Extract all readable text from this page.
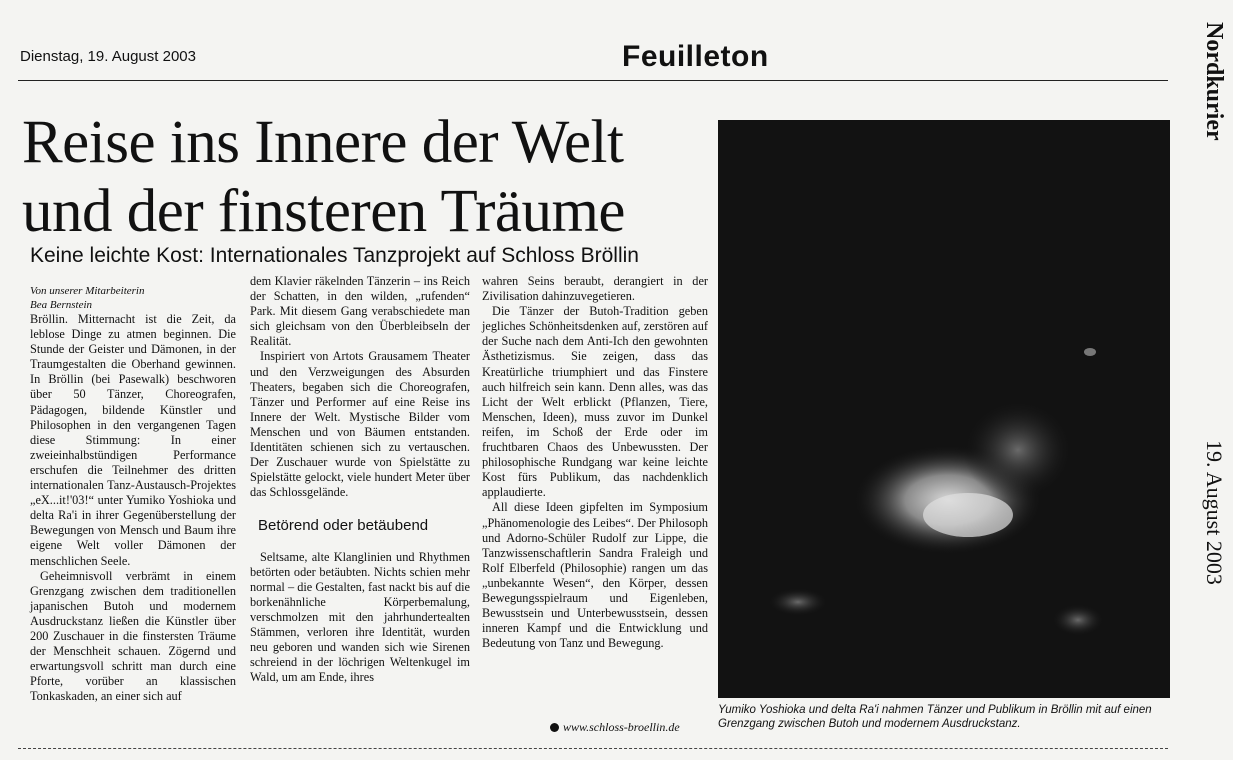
Dienstag, 19. August 2003	Feuilleton	Nordkurier
19. August 2003
Reise ins Innere der Welt und der finsteren Träume
Keine leichte Kost: Internationales Tanzprojekt auf Schloss Bröllin

Von unserer Mitarbeiterin
Bea Bernstein

Bröllin. Mitternacht ist die Zeit, da leblose Dinge zu atmen beginnen. Die Stunde der Geister und Dämonen, in der Traumgestalten die Oberhand gewinnen. In Bröllin (bei Pasewalk) beschworen über 50 Tänzer, Choreografen, Pädagogen, bildende Künstler und Philosophen in den vergangenen Tagen diese Stimmung: In einer zweieinhalbstündigen Performance erschufen die Teilnehmer des dritten internationalen Tanz-Austausch-Projektes „eX...it!'03!“ unter Yumiko Yoshioka und delta Ra'i in ihrer Gegenüberstellung der Bewegungen von Mensch und Baum ihre eigene Welt voller Dämonen der menschlichen Seele.

Geheimnisvoll verbrämt in einem Grenzgang zwischen dem traditionellen japanischen Butoh und modernem Ausdruckstanz ließen die Künstler über 200 Zuschauer in die finstersten Träume der Menschheit schauen. Zögernd und erwartungsvoll schritt man durch eine Pforte, vorüber an klassischen Tonkaskaden, an einer sich auf

dem Klavier räkelnden Tänzerin – ins Reich der Schatten, in den wilden, „rufenden“ Park. Mit diesem Gang verabschiedete man sich gleichsam von den Überbleibseln der Realität.

Inspiriert von Artots Grausamem Theater und den Verzweigungen des Absurden Theaters, begaben sich die Choreografen, Tänzer und Performer auf eine Reise ins Innere der Welt. Mystische Bilder vom Menschen und von Bäumen entstanden. Identitäten schienen sich zu vertauschen. Der Zuschauer wurde von Spielstätte zu Spielstätte gelockt, viele hundert Meter über das Schlossgelände.

Betörend oder betäubend

Seltsame, alte Klanglinien und Rhythmen betörten oder betäubten. Nichts schien mehr normal – die Gestalten, fast nackt bis auf die borkenähnliche Körperbemalung, verschmolzen mit den jahrhundertealten Stämmen, verloren ihre Identität, wurden neu geboren und wanden sich wie Sirenen schreiend in der löchrigen Weltenkugel im Wald, um am Ende, ihres

wahren Seins beraubt, derangiert in der Zivilisation dahinzuvegetieren.

Die Tänzer der Butoh-Tradition geben jegliches Schönheitsdenken auf, zerstören auf der Suche nach dem Anti-Ich den gewohnten Ästhetizismus. Sie zeigen, dass das Kreatürliche triumphiert und das Finstere auch hilfreich sein kann. Denn alles, was das Licht der Welt erblickt (Pflanzen, Tiere, Menschen, Ideen), muss zuvor im Dunkel reifen, im Schoß der Erde oder im fruchtbaren Chaos des Unbewussten. Der philosophische Rundgang war keine leichte Kost fürs Publikum, das nachdenklich applaudierte.

All diese Ideen gipfelten im Symposium „Phänomenologie des Leibes“. Der Philosoph und Adorno-Schüler Rudolf zur Lippe, die Tanzwissenschaftlerin Sandra Fraleigh und Rolf Elberfeld (Philosophie) rangen um das „unbekannte Wesen“, den Körper, dessen Bewegungsspielraum und Eigenleben, Bewusstsein und Unterbewusstsein, dessen inneren Kampf und die Entwicklung und Bedeutung von Tanz und Bewegung.

www.schloss-broellin.de
Yumiko Yoshioka und delta Ra'i nahmen Tänzer und Publikum in Bröllin mit auf einen Grenzgang zwischen Butoh und modernem Ausdruckstanz.
